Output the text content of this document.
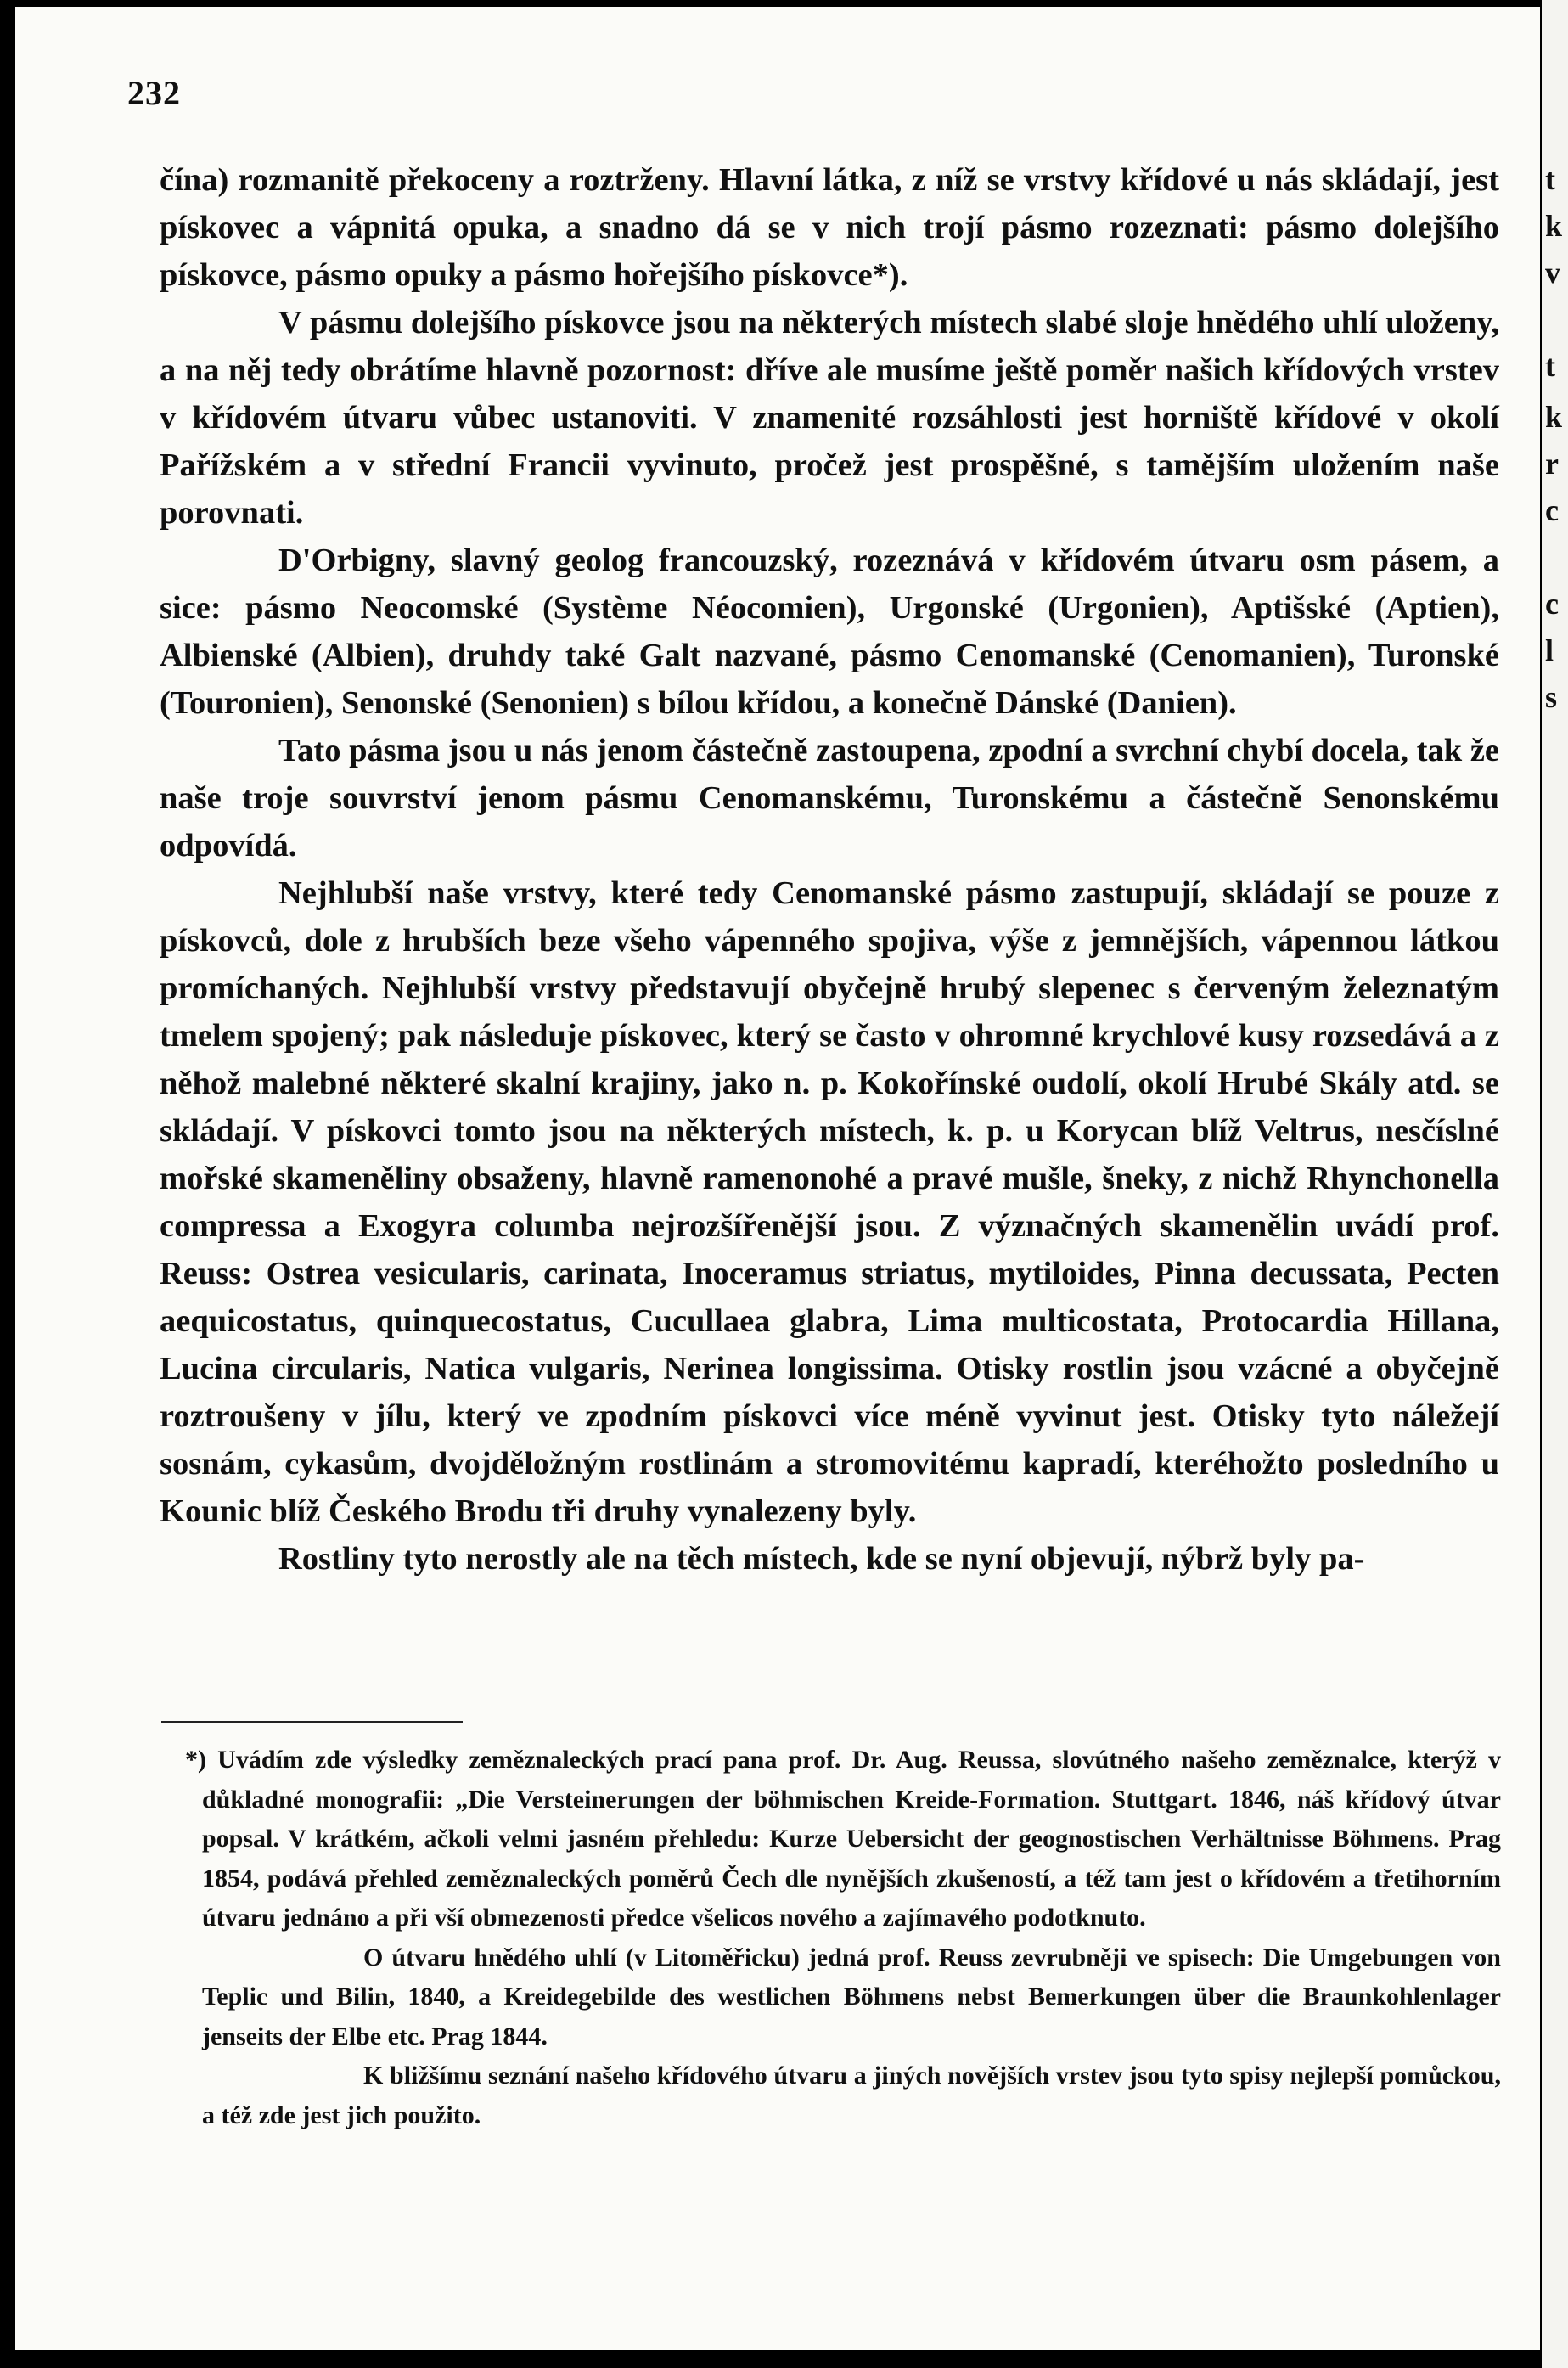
232

čína) rozmanitě překoceny a roztrženy. Hlavní látka, z níž se vrstvy křídové u nás skládají, jest pískovec a vápnitá opuka, a snadno dá se v nich trojí pásmo rozeznati: pásmo dolejšího pískovce, pásmo opuky a pásmo hořejšího pískovce*).

V pásmu dolejšího pískovce jsou na některých místech slabé sloje hnědého uhlí uloženy, a na něj tedy obrátíme hlavně pozornost: dříve ale musíme ještě poměr našich křídových vrstev v křídovém útvaru vůbec ustanoviti. V znamenité rozsáhlosti jest horniště křídové v okolí Pařížském a v střední Francii vyvinuto, pročež jest prospěšné, s tamějším uložením naše porovnati.

D'Orbigny, slavný geolog francouzský, rozeznává v křídovém útvaru osm pásem, a sice: pásmo Neocomské (Système Néocomien), Urgonské (Urgonien), Aptišské (Aptien), Albienské (Albien), druhdy také Galt nazvané, pásmo Cenomanské (Cenomanien), Turonské (Touronien), Senonské (Senonien) s bílou křídou, a konečně Dánské (Danien).

Tato pásma jsou u nás jenom částečně zastoupena, zpodní a svrchní chybí docela, tak že naše troje souvrství jenom pásmu Cenomanskému, Turonskému a částečně Senonskému odpovídá.

Nejhlubší naše vrstvy, které tedy Cenomanské pásmo zastupují, skládají se pouze z pískovců, dole z hrubších beze všeho vápenného spojiva, výše z jemnějších, vápennou látkou promíchaných. Nejhlubší vrstvy představují obyčejně hrubý slepenec s červeným železnatým tmelem spojený; pak následuje pískovec, který se často v ohromné krychlové kusy rozsedává a z něhož malebné některé skalní krajiny, jako n. p. Kokořínské oudolí, okolí Hrubé Skály atd. se skládají. V pískovci tomto jsou na některých místech, k. p. u Korycan blíž Veltrus, nesčíslné mořské skameněliny obsaženy, hlavně ramenonohé a pravé mušle, šneky, z nichž Rhynchonella compressa a Exogyra columba nejrozšířenější jsou. Z význačných skamenělin uvádí prof. Reuss: Ostrea vesicularis, carinata, Inoceramus striatus, mytiloides, Pinna decussata, Pecten aequicostatus, quinquecostatus, Cucullaea glabra, Lima multicostata, Protocardia Hillana, Lucina circularis, Natica vulgaris, Nerinea longissima. Otisky rostlin jsou vzácné a obyčejně roztroušeny v jílu, který ve zpodním pískovci více méně vyvinut jest. Otisky tyto náležejí sosnám, cykasům, dvojděložným rostlinám a stromovitému kapradí, kteréhožto posledního u Kounic blíž Českého Brodu tři druhy vynalezeny byly.

Rostliny tyto nerostly ale na těch místech, kde se nyní objevují, nýbrž byly pa-

*) Uvádím zde výsledky zeměznaleckých prací pana prof. Dr. Aug. Reussa, slovútného našeho zeměznalce, kterýž v důkladné monografii: „Die Versteinerungen der böhmischen Kreide-Formation. Stuttgart. 1846, náš křídový útvar popsal. V krátkém, ačkoli velmi jasném přehledu: Kurze Uebersicht der geognostischen Verhältnisse Böhmens. Prag 1854, podává přehled zeměznaleckých poměrů Čech dle nynějších zkušeností, a též tam jest o křídovém a třetihorním útvaru jednáno a při vší obmezenosti předce všelicos nového a zajímavého podotknuto.

O útvaru hnědého uhlí (v Litoměřicku) jedná prof. Reuss zevrubněji ve spisech: Die Umgebungen von Teplic und Bilin, 1840, a Kreidegebilde des westlichen Böhmens nebst Bemerkungen über die Braunkohlenlager jenseits der Elbe etc. Prag 1844.

K bližšímu seznání našeho křídového útvaru a jiných novějších vrstev jsou tyto spisy nejlepší pomůckou, a též zde jest jich použito.

t
k
v
t
k
r
c
c
l
s
